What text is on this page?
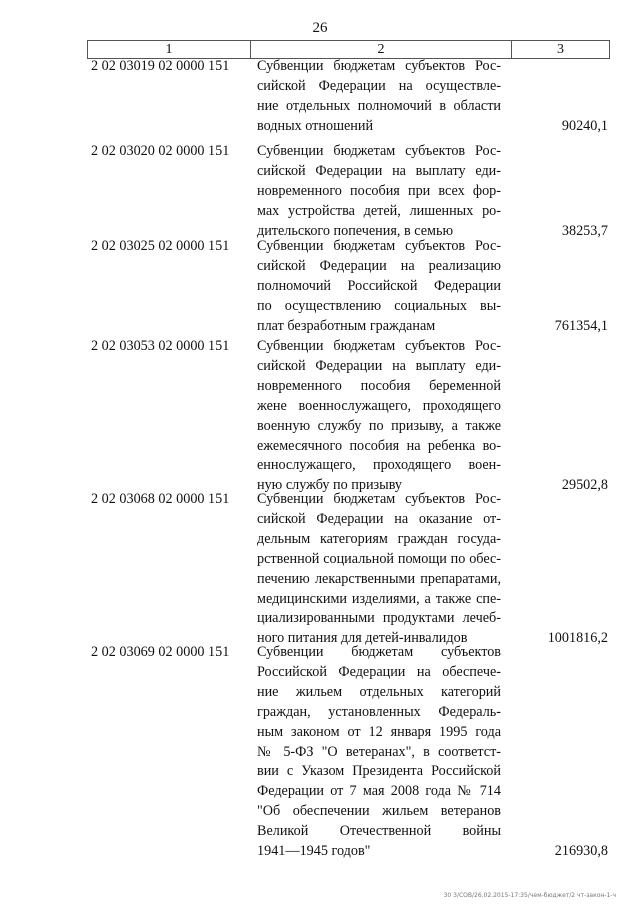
26
1	2	3
2 02 03019 02 0000 151 Субвенции бюджетам субъектов Рос-
сийской Федерации на осуществле-
ние отдельных полномочий в области
водных отношений	90240,1
2 02 03020 02 0000 151 Субвенции бюджетам субъектов Рос-
сийской Федерации на выплату еди-
новременного пособия при всех фор-
мах устройства детей, лишенных ро-
дительского попечения, в семью	38253,7
2 02 03025 02 0000 151 Субвенции бюджетам субъектов Рос-
сийской Федерации на реализацию
полномочий Российской Федерации
по осуществлению социальных вы-
плат безработным гражданам	761354,1
2 02 03053 02 0000 151 Субвенции бюджетам субъектов Рос-
сийской Федерации на выплату еди-
новременного пособия беременной
жене военнослужащего, проходящего
военную службу по призыву, а также
ежемесячного пособия на ребенка во-
еннослужащего, проходящего воен-
ную службу по призыву	29502,8
2 02 03068 02 0000 151 Субвенции бюджетам субъектов Рос-
сийской Федерации на оказание от-
дельным категориям граждан госуда-
рственной социальной помощи по обес-
печению лекарственными препаратами,
медицинскими изделиями, а также спе-
циализированными продуктами лечеб-
ного питания для детей-инвалидов	1001816,2
2 02 03069 02 0000 151 Субвенции бюджетам субъектов
Российской Федерации на обеспече-
ние жильем отдельных категорий
граждан, установленных Федераль-
ным законом от 12 января 1995 года
№ 5-ФЗ "О ветеранах", в соответст-
вии с Указом Президента Российской
Федерации от 7 мая 2008 года № 714
"Об обеспечении жильем ветеранов
Великой Отечественной войны
1941—1945 годов"	216930,8
30 3/СОВ/26.02.2015-17:35/чем-бюджет/2 чт-закон-1-ч
